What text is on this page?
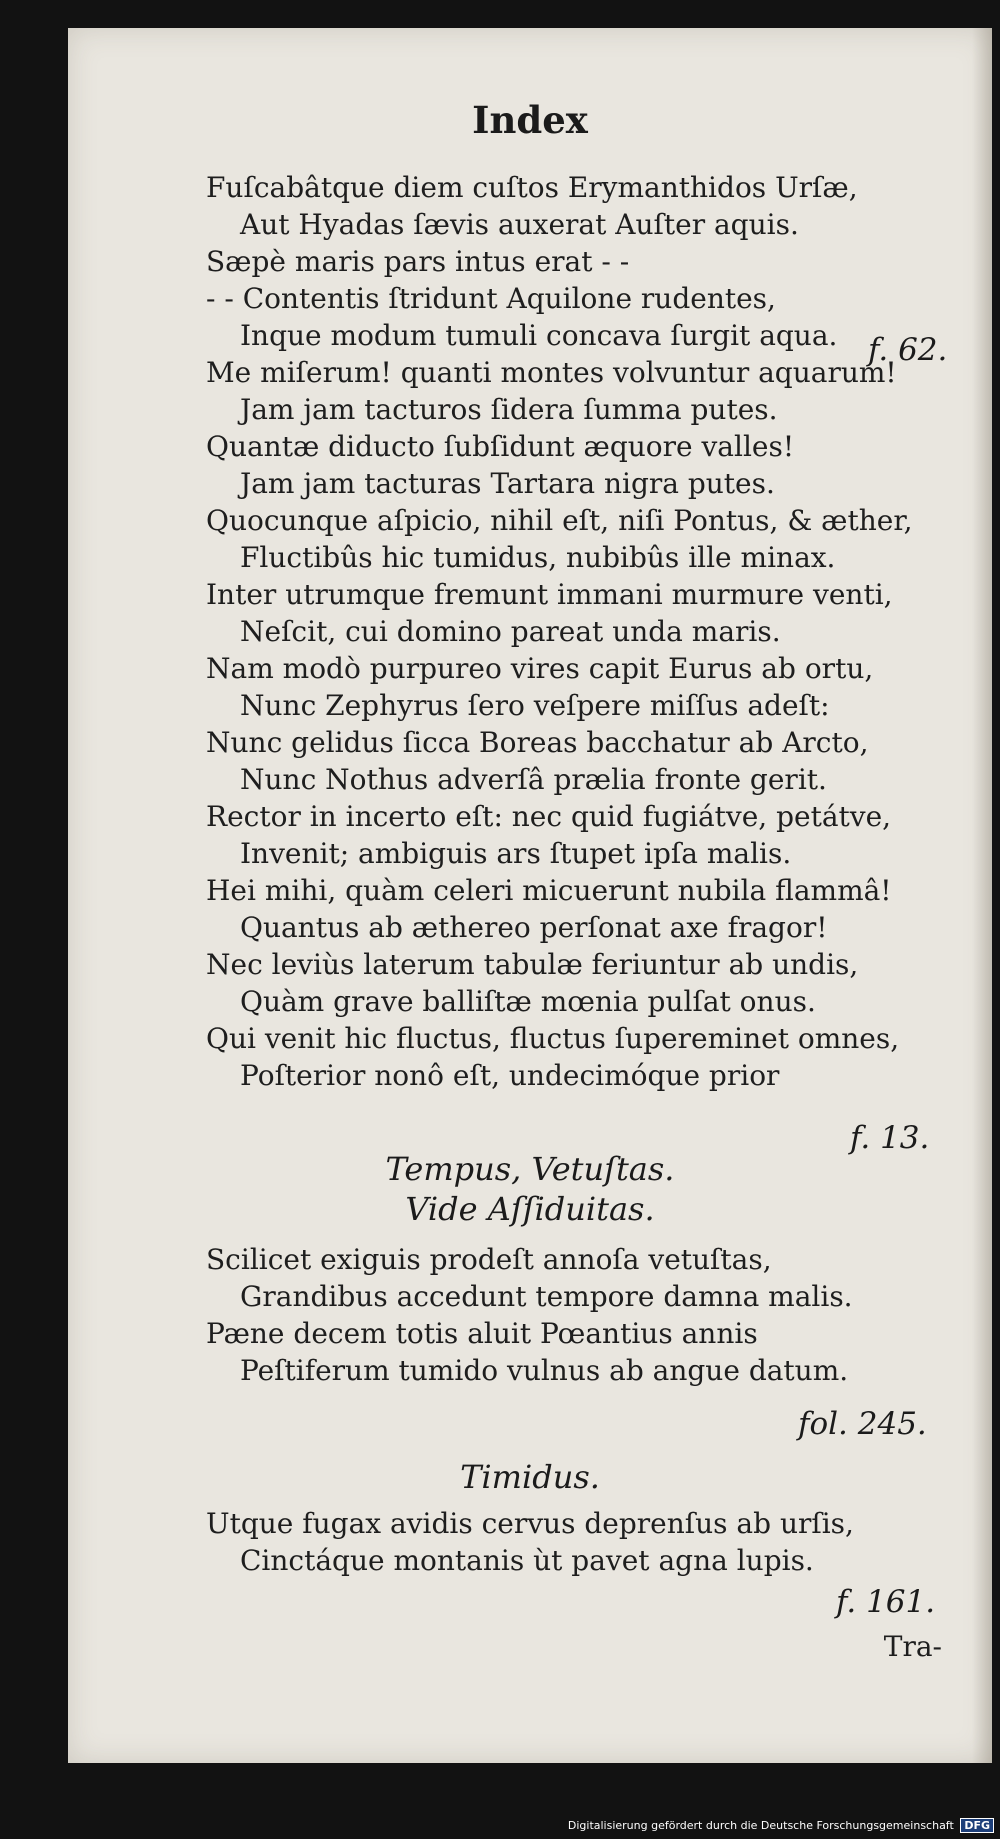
Index
Fuſcabâtque diem cuſtos Erymanthidos Urſæ,
Aut Hyadas ſævis auxerat Auſter aquis.
Sæpè maris pars intus erat - -
- - Contentis ſtridunt Aquilone rudentes,
Inque modum tumuli concava ſurgit aqua. f. 62.
Me miſerum! quanti montes volvuntur aquarum!
Jam jam tacturos ſidera ſumma putes.
Quantæ diducto ſubſidunt æquore valles!
Jam jam tacturas Tartara nigra putes.
Quocunque aſpicio, nihil eſt, niſi Pontus, & æther,
Fluctibûs hic tumidus, nubibûs ille minax.
Inter utrumque fremunt immani murmure venti,
Neſcit, cui domino pareat unda maris.
Nam modò purpureo vires capit Eurus ab ortu,
Nunc Zephyrus ſero veſpere miſſus adeſt:
Nunc gelidus ſicca Boreas bacchatur ab Arcto,
Nunc Nothus adverſâ prælia fronte gerit.
Rector in incerto eſt: nec quid fugiátve, petátve,
Invenit; ambiguis ars ſtupet ipſa malis.
Hei mihi, quàm celeri micuerunt nubila flammâ!
Quantus ab æthereo perſonat axe fragor!
Nec leviùs laterum tabulæ feriuntur ab undis,
Quàm grave balliſtæ mœnia pulſat onus.
Qui venit hic fluctus, fluctus ſupereminet omnes,
Poſterior nonô eſt, undecimóque prior
f. 13.
Tempus, Vetuſtas.
Vide Aſſiduitas.
Scilicet exiguis prodeſt annoſa vetuſtas,
Grandibus accedunt tempore damna malis.
Pæne decem totis aluit Pœantius annis
Peſtiferum tumido vulnus ab angue datum.
fol. 245.
Timidus.
Utque fugax avidis cervus deprenſus ab urſis,
Cinctáque montanis ùt pavet agna lupis.
f. 161.
Tra-
Digitalisierung gefördert durch die Deutsche Forschungsgemeinschaft DFG
